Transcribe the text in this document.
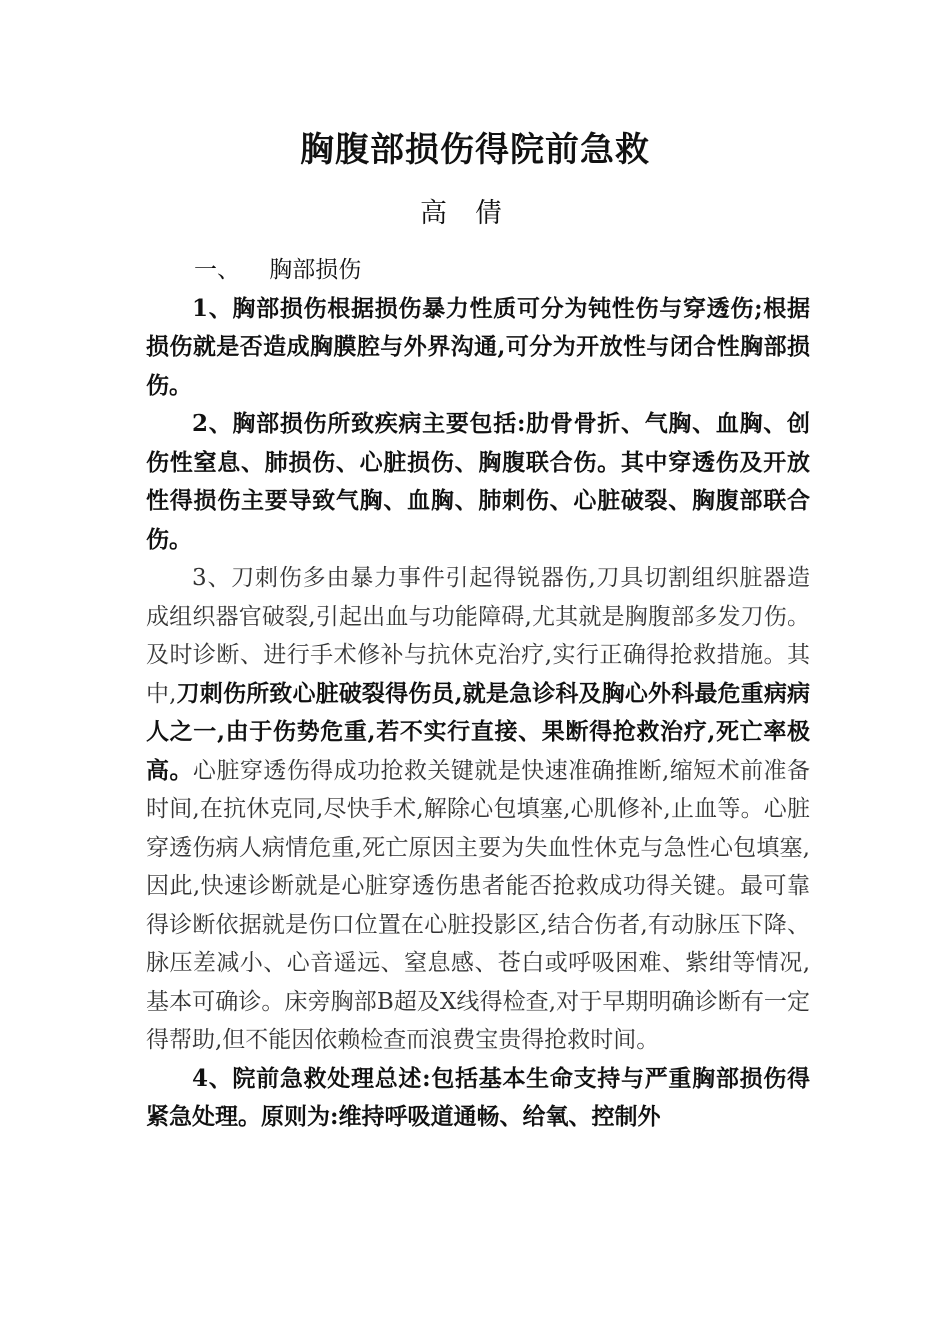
胸腹部损伤得院前急救
高倩

一、    胸部损伤

1、胸部损伤根据损伤暴力性质可分为钝性伤与穿透伤;根据损伤就是否造成胸膜腔与外界沟通,可分为开放性与闭合性胸部损伤。

2、胸部损伤所致疾病主要包括:肋骨骨折、气胸、血胸、创伤性窒息、肺损伤、心脏损伤、胸腹联合伤。其中穿透伤及开放性得损伤主要导致气胸、血胸、肺刺伤、心脏破裂、胸腹部联合伤。

3、刀刺伤多由暴力事件引起得锐器伤,刀具切割组织脏器造成组织器官破裂,引起出血与功能障碍,尤其就是胸腹部多发刀伤。及时诊断、进行手术修补与抗休克治疗,实行正确得抢救措施。其中,刀刺伤所致心脏破裂得伤员,就是急诊科及胸心外科最危重病病人之一,由于伤势危重,若不实行直接、果断得抢救治疗,死亡率极高。心脏穿透伤得成功抢救关键就是快速准确推断,缩短术前准备时间,在抗休克同,尽快手术,解除心包填塞,心肌修补,止血等。心脏穿透伤病人病情危重,死亡原因主要为失血性休克与急性心包填塞,因此,快速诊断就是心脏穿透伤患者能否抢救成功得关键。最可靠得诊断依据就是伤口位置在心脏投影区,结合伤者,有动脉压下降、脉压差减小、心音遥远、窒息感、苍白或呼吸困难、紫绀等情况,基本可确诊。床旁胸部B超及X线得检查,对于早期明确诊断有一定得帮助,但不能因依赖检查而浪费宝贵得抢救时间。

4、院前急救处理总述:包括基本生命支持与严重胸部损伤得紧急处理。原则为:维持呼吸道通畅、给氧、控制外
